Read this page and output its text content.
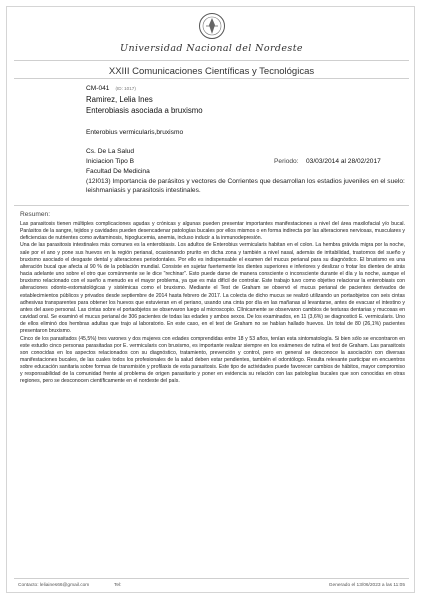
Universidad Nacional del Nordeste
XXIII Comunicaciones Científicas y Tecnológicas
CM-041 (ID: 1017)
Ramirez, Lelia Ines
Enterobiasis asociada a bruxismo
Enterobius vermicularis,bruxismo
Cs. De La Salud
Iniciacion Tipo B	Periodo: 03/03/2014 al 28/02/2017
Facultad De Medicina
(12I013) Importancia de parásitos y vectores de Corrientes que desarrollan los estadios juveniles en el suelo: leishmaniasis y parasitosis intestinales.
Resumen:

Las parasitosis tienen múltiples complicaciones agudas y crónicas y algunas pueden presentar importantes manifestaciones a nivel del área maxilofacial y/o bucal. Parásitos de la sangre, tejidos y cavidades pueden desencadenar patologías bucales por ellos mismos o en forma indirecta por las alteraciones nerviosas, musculares y deficiencias de nutrientes como avitaminosis, hipoglucemia, anemia, incluso inducir a la inmunodepresión.

Una de las parasitosis intestinales más comunes es la enterobiasis. Los adultos de Enterobius vermicularis habitan en el colon. La hembra grávida migra por la noche, sale por el ano y pone sus huevos en la región perianal, ocasionando prurito en dicha zona y también a nivel nasal, además de irritabilidad, trastornos del sueño y bruxismo asociado el desgaste dental y alteraciones periodontales. Por ello es indispensable el examen del mucus perianal para su diagnóstico. El bruxismo es una alteración bucal que afecta al 90 % de la población mundial. Consiste en sujetar fuertemente los dientes superiores e inferiores y deslizar o frotar los dientes de atrás hacia adelante uno sobre el otro que comúnmente se le dice "rechinar". Esto puede darse de manera consciente o inconsciente durante el día y la noche, aunque el bruxismo relacionado con el sueño a menudo es el mayor problema, ya que es más difícil de controlar. Este trabajo tuvo como objetivo relacionar la enterobiasis con alteraciones odonto-estomatológicas y sistémicas como el bruxismo. Mediante el Test de Graham se observó el mucus perianal de pacientes derivados de establecimientos públicos y privados desde septiembre de 2014 hasta febrero de 2017. La colecta de dicho mucus se realizó utilizando un portaobjetos con seis cintas adhesivas transparentes para obtener los huevos que estuvieran en el periano, usando una cinta por día en las mañanas al levantarse, antes de evacuar el intestino y antes del aseo personal. Las cintas sobre el portaobjetos se observaron luego al microscopio. Clínicamente se observaron cambios de texturas dentarias y mucosas en cavidad oral. Se examinó el mucus perianal de 306 pacientes de todas las edades y ambos sexos. De los examinados, en 11 (3,6%) se diagnosticó E. vermicularis. Uno de ellos eliminó dos hembras adultas que trajo al laboratorio. En este caso, en el test de Graham no se habían hallado huevos. Un total de 80 (26,1%) pacientes presentaron bruxismo.

Cinco de los parasitados (45,5%) tres varones y dos mujeres con edades comprendidas entre 18 y 53 años, tenían esta sintomatología. Si bien sólo se encontraron en este estudio cinco personas parasitadas por E. vermicularis con bruxismo, es importante realizar siempre en los exámenes de rutina el test de Graham. Las parasitosis son conocidas en los aspectos relacionados con su diagnóstico, tratamiento, prevención y control, pero en general se desconoce la asociación con diversas manifestaciones bucales, de las cuales todos los profesionales de la salud deben estar pendientes, también el odontólogo. Resulta relevante participar en encuentros sobre educación sanitaria sobre formas de transmisión y profilaxis de esta parasitosis. Este tipo de actividades puede favorecer cambios de hábitos, mayor compromiso y responsabilidad de la comunidad frente al problema de origen parasitario y poner en evidencia su relación con las patologías bucales que son conocidas en otras regiones, pero se desconocen científicamente en el nordeste del país.

Contacto: leliaines66@gmail.com	Tel:	Generado el 13/06/2023 a las 11:05
